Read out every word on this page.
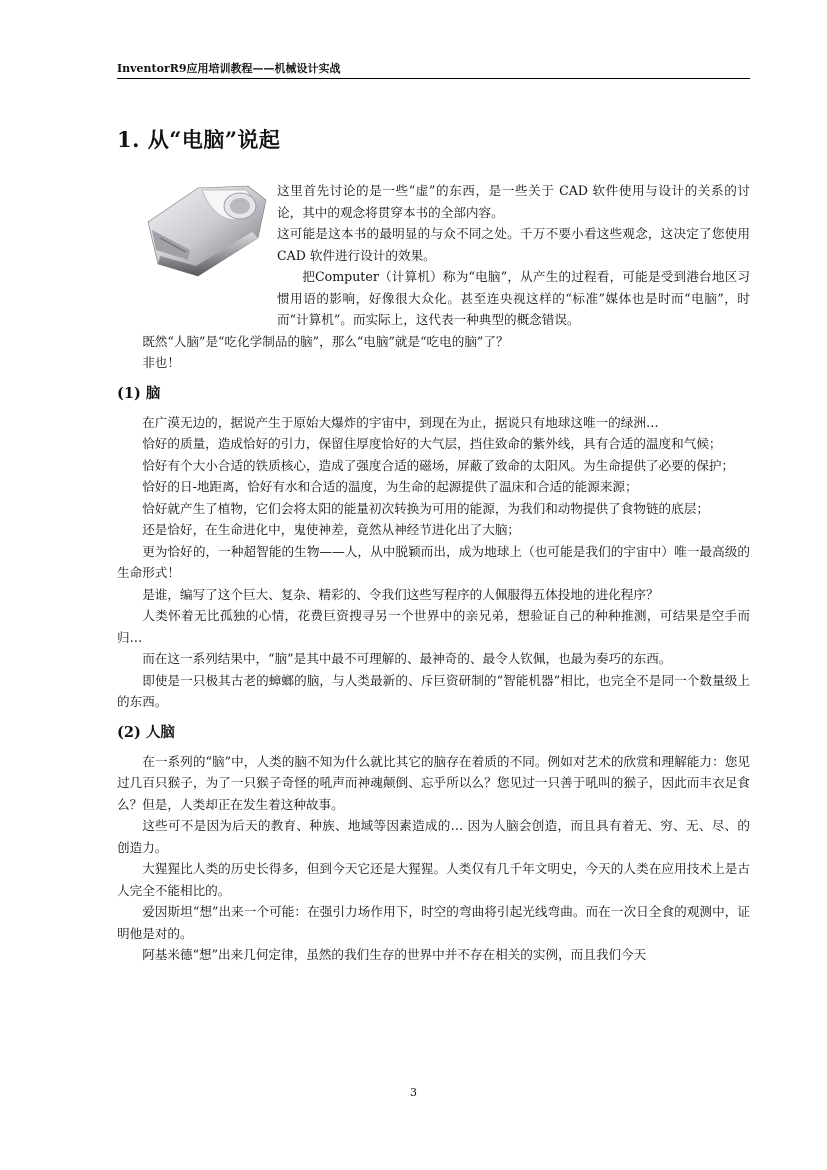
InventorR9应用培训教程——机械设计实战
1. 从“电脑”说起

这里首先讨论的是一些“虚”的东西，是一些关于 CAD 软件使用与设计的关系的讨论，其中的观念将贯穿本书的全部内容。

这可能是这本书的最明显的与众不同之处。千万不要小看这些观念，这决定了您使用 CAD 软件进行设计的效果。

把Computer（计算机）称为“电脑”，从产生的过程看，可能是受到港台地区习惯用语的影响，好像很大众化。甚至连央视这样的“标准”媒体也是时而“电脑”，时而“计算机”。而实际上，这代表一种典型的概念错误。

既然“人脑”是“吃化学制品的脑”，那么“电脑”就是“吃电的脑”了？

非也！

(1) 脑

在广漠无边的，据说产生于原始大爆炸的宇宙中，到现在为止，据说只有地球这唯一的绿洲…

恰好的质量，造成恰好的引力，保留住厚度恰好的大气层，挡住致命的紫外线，具有合适的温度和气候；

恰好有个大小合适的铁质核心，造成了强度合适的磁场，屏蔽了致命的太阳风。为生命提供了必要的保护；

恰好的日-地距离，恰好有水和合适的温度，为生命的起源提供了温床和合适的能源来源；

恰好就产生了植物，它们会将太阳的能量初次转换为可用的能源，为我们和动物提供了食物链的底层；

还是恰好，在生命进化中，鬼使神差，竟然从神经节进化出了大脑；

更为恰好的，一种超智能的生物——人，从中脱颖而出，成为地球上（也可能是我们的宇宙中）唯一最高级的生命形式！

是谁，编写了这个巨大、复杂、精彩的、令我们这些写程序的人佩服得五体投地的进化程序？

人类怀着无比孤独的心情，花费巨资搜寻另一个世界中的亲兄弟，想验证自己的种种推测，可结果是空手而归…

而在这一系列结果中，“脑”是其中最不可理解的、最神奇的、最令人钦佩，也最为奏巧的东西。

即使是一只极其古老的蟑螂的脑，与人类最新的、斥巨资研制的“智能机器”相比，也完全不是同一个数量级上的东西。

(2) 人脑

在一系列的“脑”中，人类的脑不知为什么就比其它的脑存在着质的不同。例如对艺术的欣赏和理解能力：您见过几百只猴子，为了一只猴子奇怪的吼声而神魂颠倒、忘乎所以么？您见过一只善于吼叫的猴子，因此而丰衣足食么？但是，人类却正在发生着这种故事。

这些可不是因为后天的教育、种族、地域等因素造成的… 因为人脑会创造，而且具有着无、穷、无、尽、的创造力。

大猩猩比人类的历史长得多，但到今天它还是大猩猩。人类仅有几千年文明史，今天的人类在应用技术上是古人完全不能相比的。

爱因斯坦“想”出来一个可能：在强引力场作用下，时空的弯曲将引起光线弯曲。而在一次日全食的观测中，证明他是对的。

阿基米德“想”出来几何定律，虽然的我们生存的世界中并不存在相关的实例，而且我们今天

3
